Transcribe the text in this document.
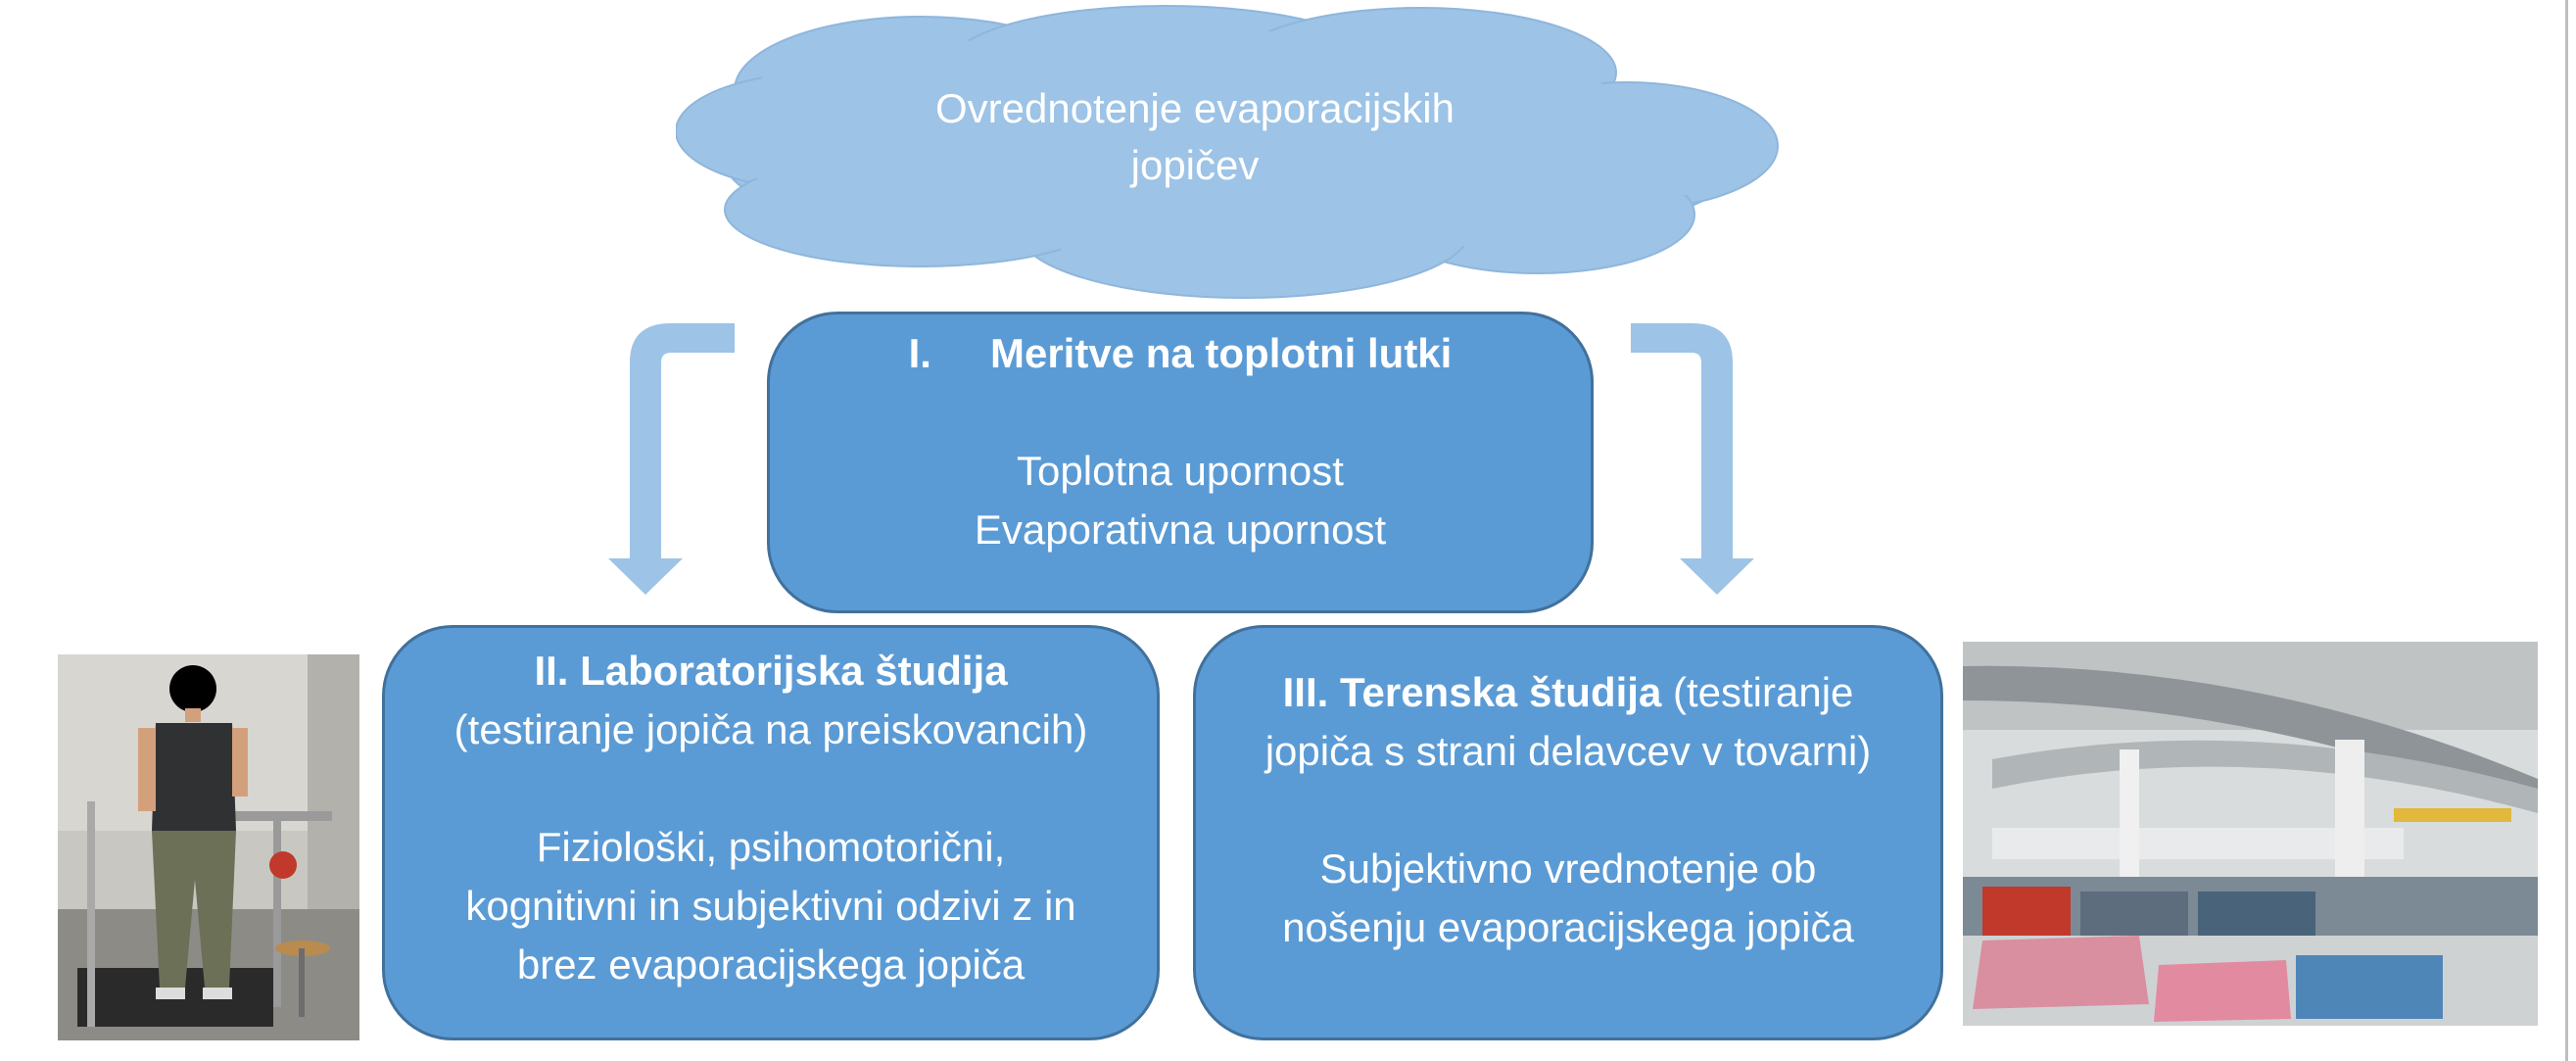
Ovrednotenje evaporacijskih
jopičev
I. Meritve na toplotni lutki
Toplotna upornost
Evaporativna upornost
II. Laboratorijska študija
(testiranje jopiča na preiskovancih)
Fiziološki, psihomotorični,
kognitivni in subjektivni odzivi z in
brez evaporacijskega jopiča
III. Terenska študija (testiranje
jopiča s strani delavcev v tovarni)
Subjektivno vrednotenje ob
nošenju evaporacijskega jopiča
